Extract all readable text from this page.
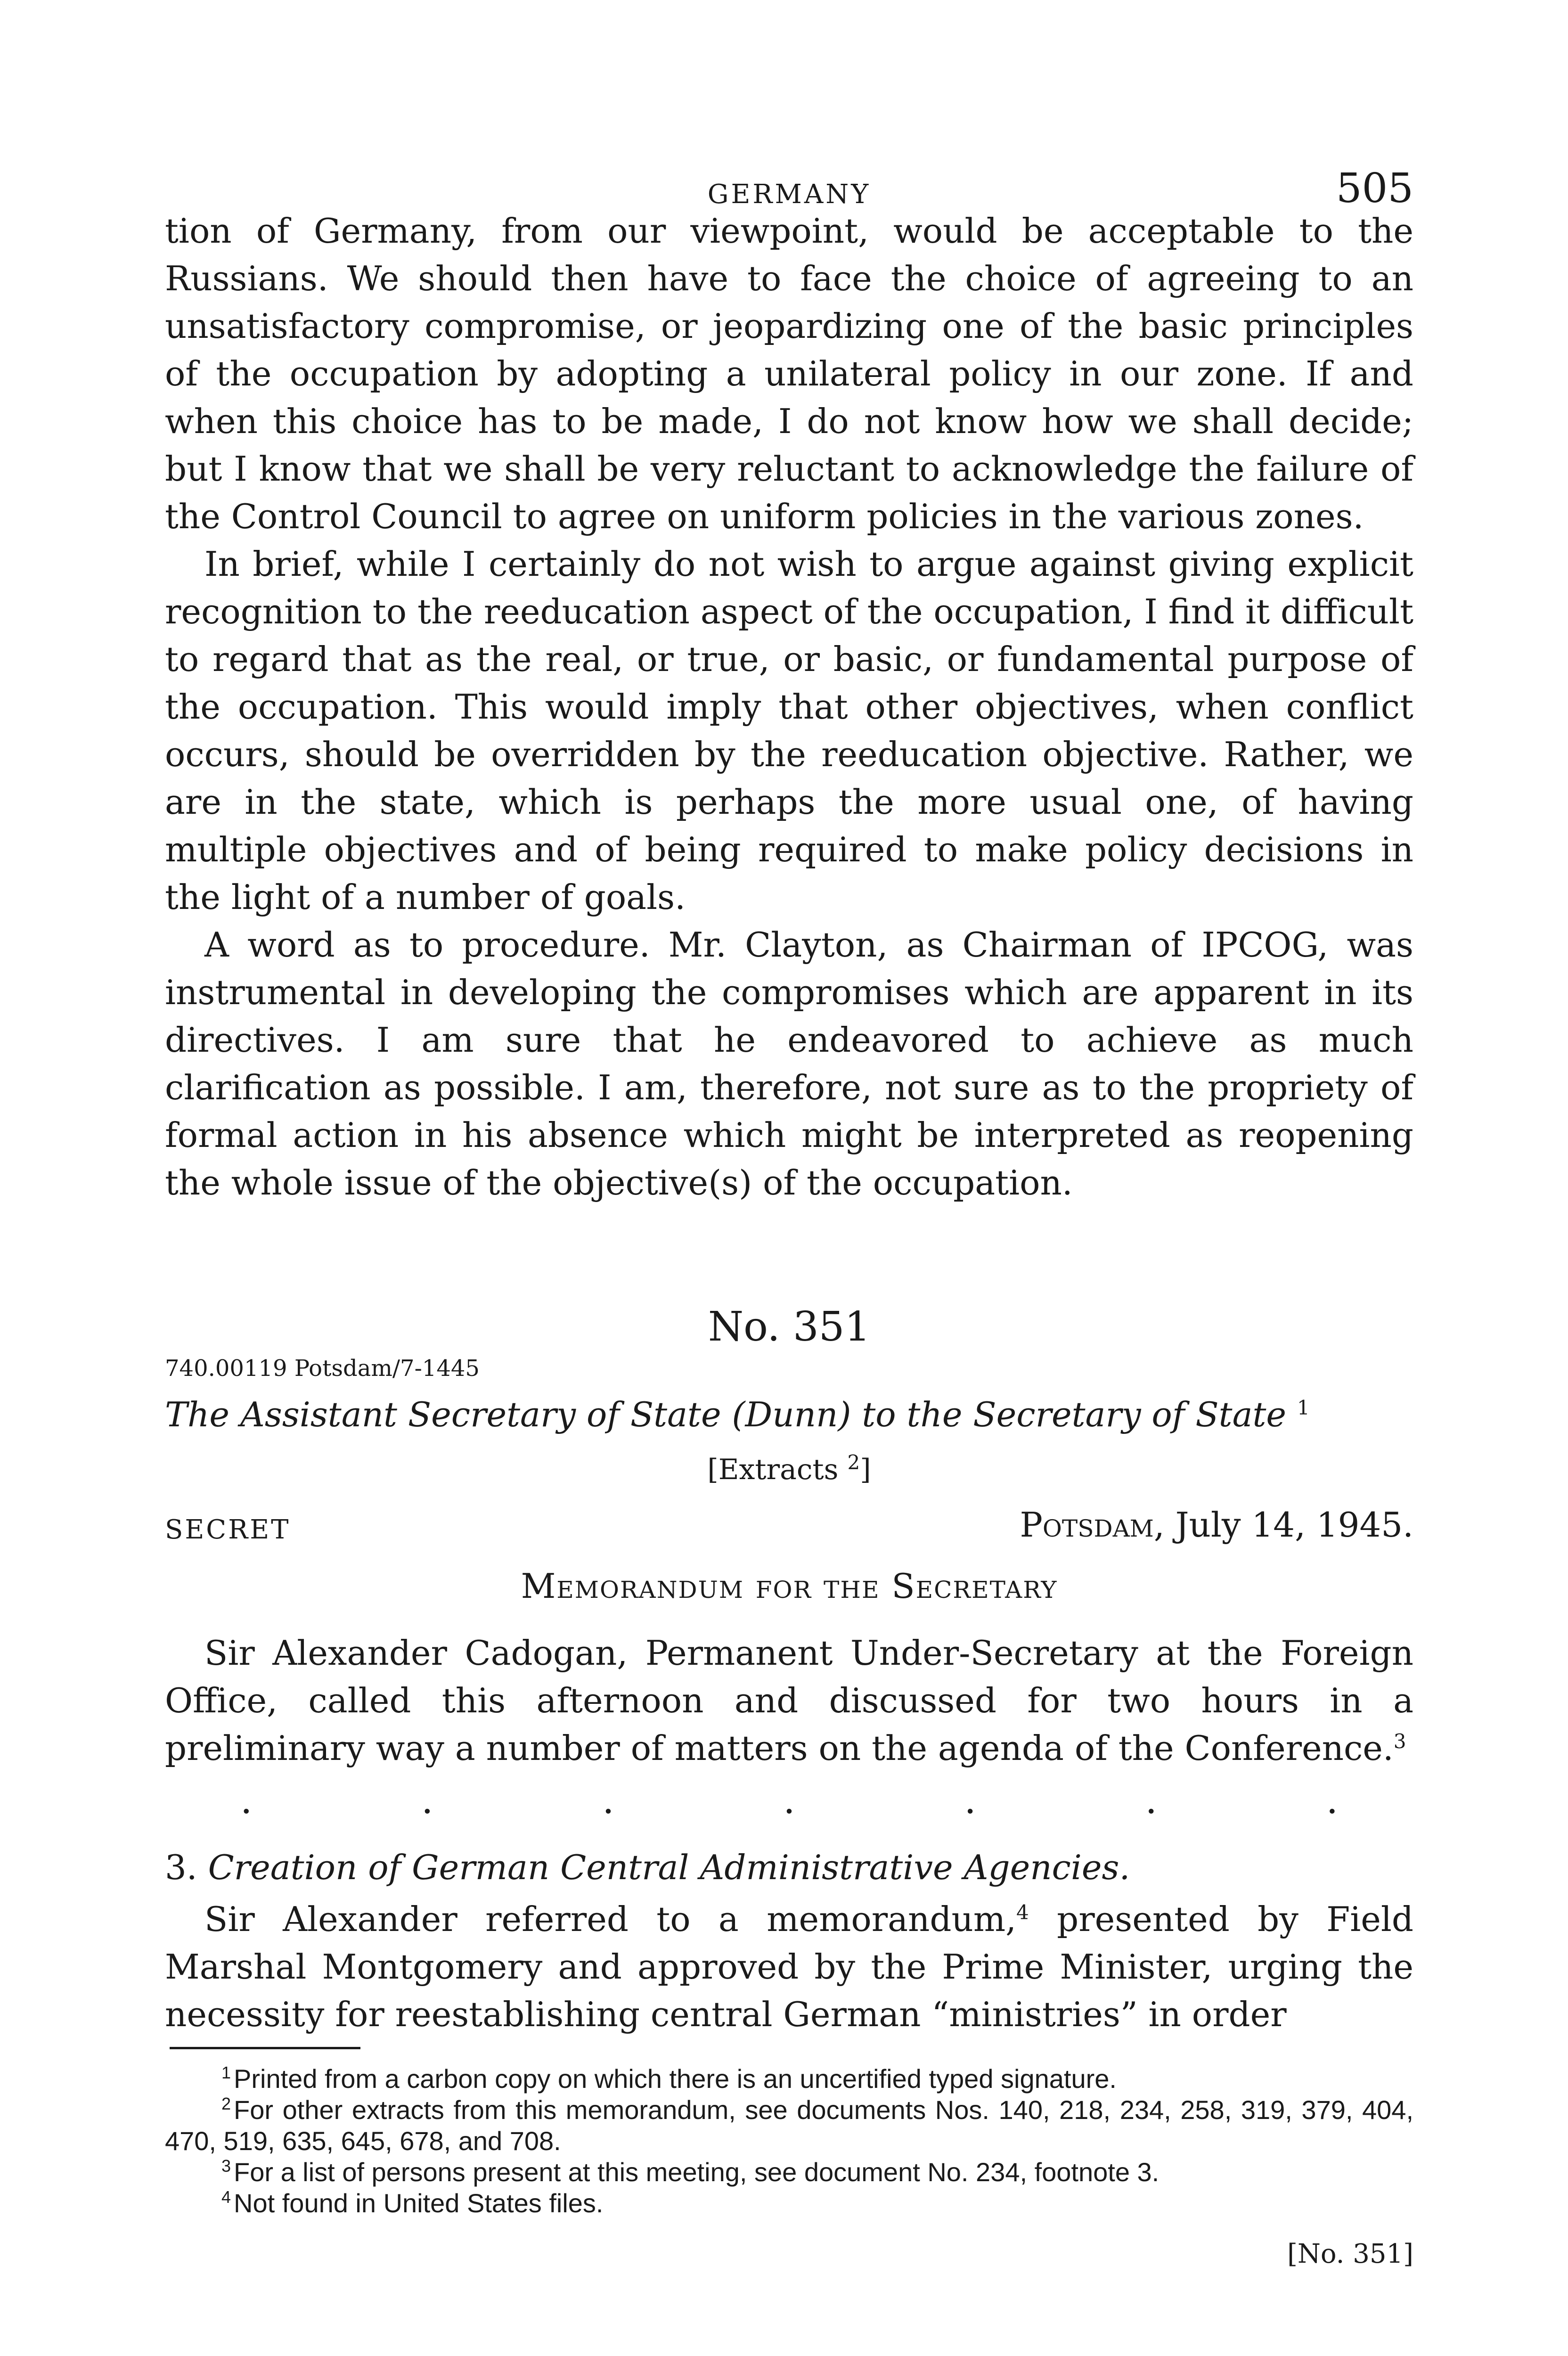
GERMANY	505

tion of Germany, from our viewpoint, would be acceptable to the Russians. We should then have to face the choice of agreeing to an unsatisfactory compromise, or jeopardizing one of the basic principles of the occupation by adopting a unilateral policy in our zone. If and when this choice has to be made, I do not know how we shall decide; but I know that we shall be very reluctant to acknowledge the failure of the Control Council to agree on uniform policies in the various zones.

In brief, while I certainly do not wish to argue against giving explicit recognition to the reeducation aspect of the occupation, I find it difficult to regard that as the real, or true, or basic, or fundamental purpose of the occupation. This would imply that other objectives, when conflict occurs, should be overridden by the reeducation objective. Rather, we are in the state, which is perhaps the more usual one, of having multiple objectives and of being required to make policy decisions in the light of a number of goals.

A word as to procedure. Mr. Clayton, as Chairman of IPCOG, was instrumental in developing the compromises which are apparent in its directives. I am sure that he endeavored to achieve as much clarification as possible. I am, therefore, not sure as to the propriety of formal action in his absence which might be interpreted as reopening the whole issue of the objective(s) of the occupation.

No. 351

740.00119 Potsdam/7-1445

The Assistant Secretary of State (Dunn) to the Secretary of State $^1$

[Extracts $^2$]
SECRET	Potsdam, July 14, 1945.
Memorandum for the Secretary

Sir Alexander Cadogan, Permanent Under-Secretary at the Foreign Office, called this afternoon and discussed for two hours in a preliminary way a number of matters on the agenda of the Conference.$^3$

.	.	.	.	.	.	.

3. Creation of German Central Administrative Agencies.

Sir Alexander referred to a memorandum,$^4$ presented by Field Marshal Montgomery and approved by the Prime Minister, urging the necessity for reestablishing central German “ministries” in order

$^1$ Printed from a carbon copy on which there is an uncertified typed signature.

$^2$ For other extracts from this memorandum, see documents Nos. 140, 218, 234, 258, 319, 379, 404, 470, 519, 635, 645, 678, and 708.

$^3$ For a list of persons present at this meeting, see document No. 234, footnote 3.

$^4$ Not found in United States files.

[No. 351]
